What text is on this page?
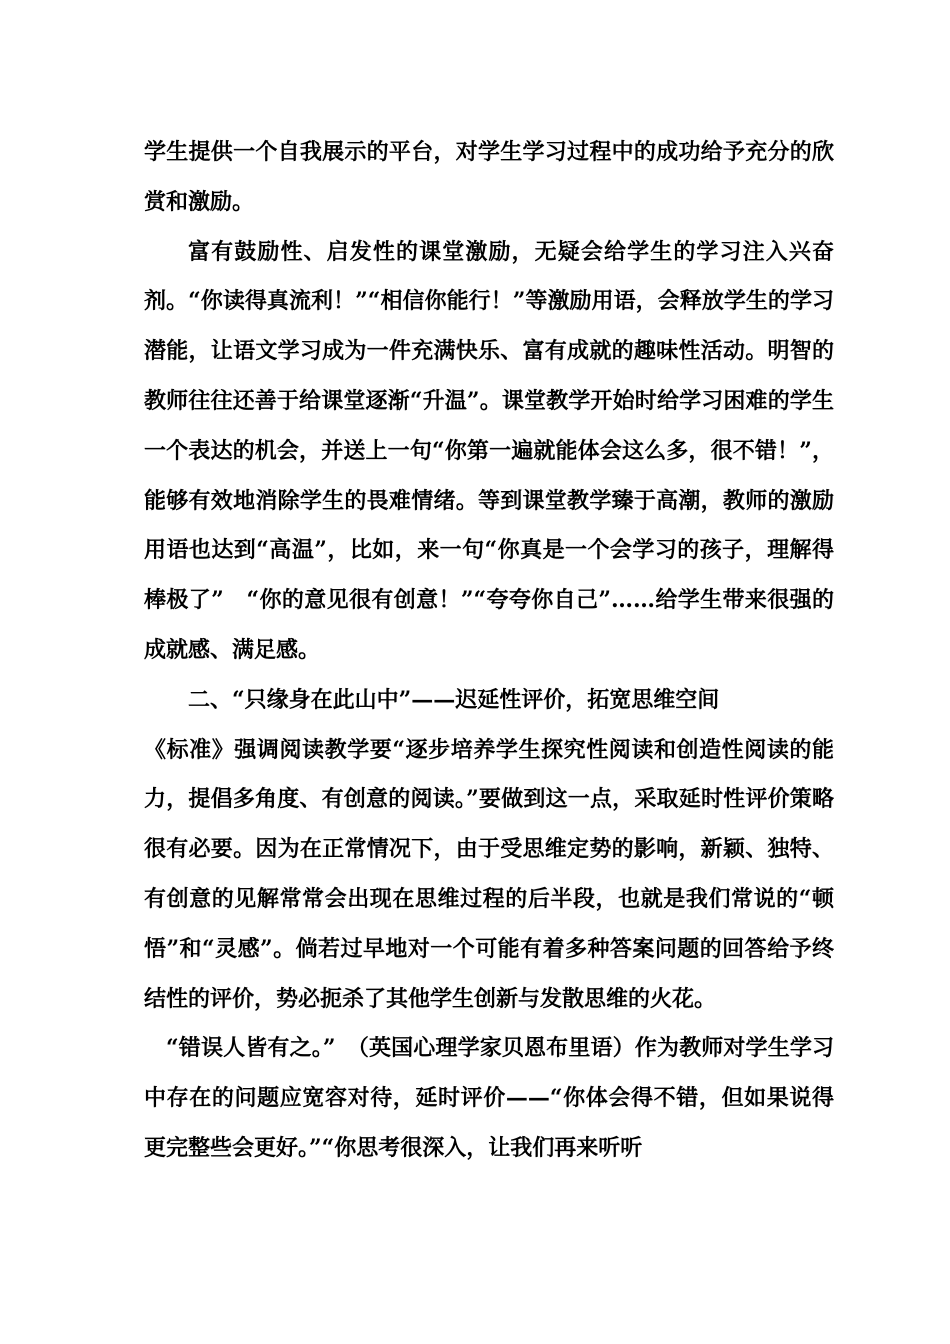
学生提供一个自我展示的平台，对学生学习过程中的成功给予充分的欣赏和激励。

富有鼓励性、启发性的课堂激励，无疑会给学生的学习注入兴奋剂。“你读得真流利！”“相信你能行！”等激励用语，会释放学生的学习潜能，让语文学习成为一件充满快乐、富有成就的趣味性活动。明智的教师往往还善于给课堂逐渐“升温”。课堂教学开始时给学习困难的学生一个表达的机会，并送上一句“你第一遍就能体会这么多，很不错！”，能够有效地消除学生的畏难情绪。等到课堂教学臻于高潮，教师的激励用语也达到“高温”，比如，来一句“你真是一个会学习的孩子，理解得棒极了”　“你的意见很有创意！”“夸夸你自己”……给学生带来很强的成就感、满足感。

二、“只缘身在此山中”——迟延性评价，拓宽思维空间

《标准》强调阅读教学要“逐步培养学生探究性阅读和创造性阅读的能力，提倡多角度、有创意的阅读。”要做到这一点，采取延时性评价策略很有必要。因为在正常情况下，由于受思维定势的影响，新颖、独特、有创意的见解常常会出现在思维过程的后半段，也就是我们常说的“顿悟”和“灵感”。倘若过早地对一个可能有着多种答案问题的回答给予终结性的评价，势必扼杀了其他学生创新与发散思维的火花。

“错误人皆有之。”　（英国心理学家贝恩布里语）作为教师对学生学习中存在的问题应宽容对待，延时评价——“你体会得不错，但如果说得更完整些会更好。”“你思考很深入，让我们再来听听
